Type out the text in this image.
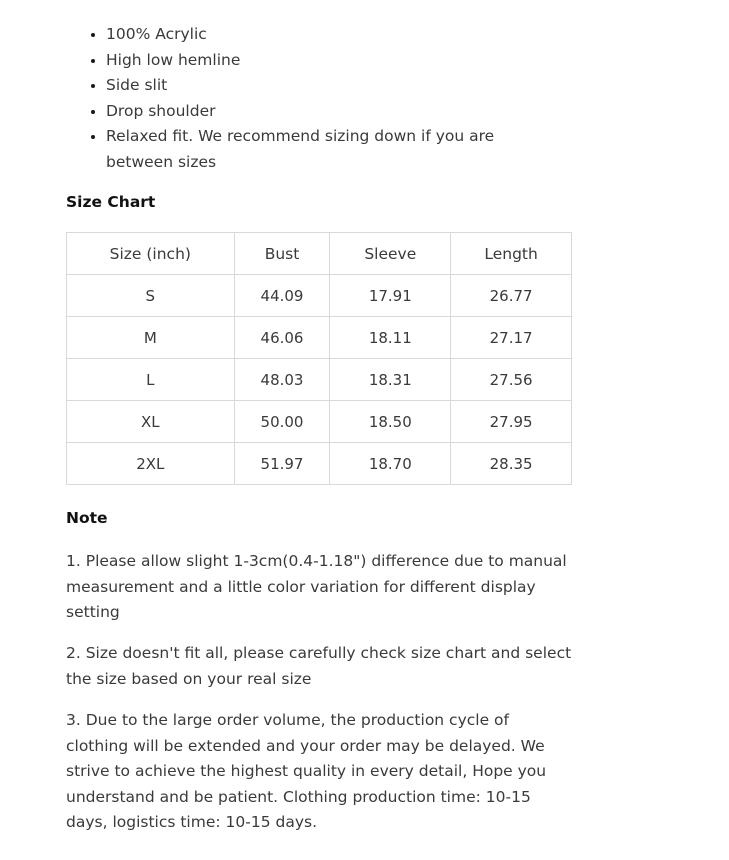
• 100% Acrylic
• High low hemline
• Side slit
• Drop shoulder
• Relaxed fit. We recommend sizing down if you are between sizes
Size Chart
Size (inch)	Bust	Sleeve	Length
S	44.09	17.91	26.77
M	46.06	18.11	27.17
L	48.03	18.31	27.56
XL	50.00	18.50	27.95
2XL	51.97	18.70	28.35
Note

1. Please allow slight 1-3cm(0.4-1.18") difference due to manual measurement and a little color variation for different display setting

2. Size doesn't fit all, please carefully check size chart and select the size based on your real size

3. Due to the large order volume, the production cycle of clothing will be extended and your order may be delayed. We strive to achieve the highest quality in every detail, Hope you understand and be patient. Clothing production time: 10-15 days, logistics time: 10-15 days.
